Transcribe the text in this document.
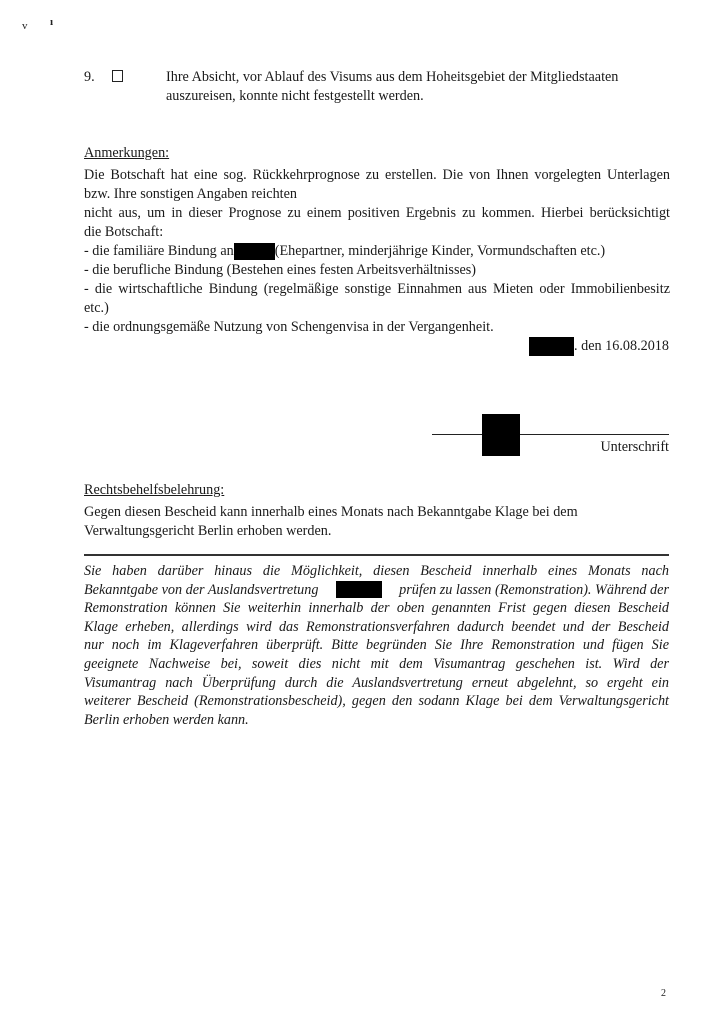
v ı
9.	Ihre Absicht, vor Ablauf des Visums aus dem Hoheitsgebiet der Mitgliedstaaten
auszureisen, konnte nicht festgestellt werden.
Anmerkungen:
Die Botschaft hat eine sog. Rückkehrprognose zu erstellen. Die von Ihnen vorgelegten Unterlagen
bzw. Ihre sonstigen Angaben reichten
nicht aus, um in dieser Prognose zu einem positiven Ergebnis zu kommen. Hierbei berücksichtigt
die Botschaft:
- die familiäre Bindung an	(Ehepartner, minderjährige Kinder, Vormundschaften etc.)
- die berufliche Bindung (Bestehen eines festen Arbeitsverhältnisses)
- die wirtschaftliche Bindung (regelmäßige sonstige Einnahmen aus Mieten oder Immobilienbesitz
etc.)
- die ordnungsgemäße Nutzung von Schengenvisa in der Vergangenheit.
. den 16.08.2018
Unterschrift
Rechtsbehelfsbelehrung:
Gegen diesen Bescheid kann innerhalb eines Monats nach Bekanntgabe Klage bei dem
Verwaltungsgericht Berlin erhoben werden.
Sie haben darüber hinaus die Möglichkeit, diesen Bescheid innerhalb eines Monats nach
Bekanntgabe von der Auslandsvertretung	prüfen zu lassen (Remonstration). Während der
Remonstration können Sie weiterhin innerhalb der oben genannten Frist gegen diesen Bescheid
Klage erheben, allerdings wird das Remonstrationsverfahren dadurch beendet und der Bescheid
nur noch im Klageverfahren überprüft. Bitte begründen Sie Ihre Remonstration und fügen Sie
geeignete Nachweise bei, soweit dies nicht mit dem Visumantrag geschehen ist. Wird der
Visumantrag nach Überprüfung durch die Auslandsvertretung erneut abgelehnt, so ergeht ein
weiterer Bescheid (Remonstrationsbescheid), gegen den sodann Klage bei dem Verwaltungsgericht
Berlin erhoben werden kann.
2
